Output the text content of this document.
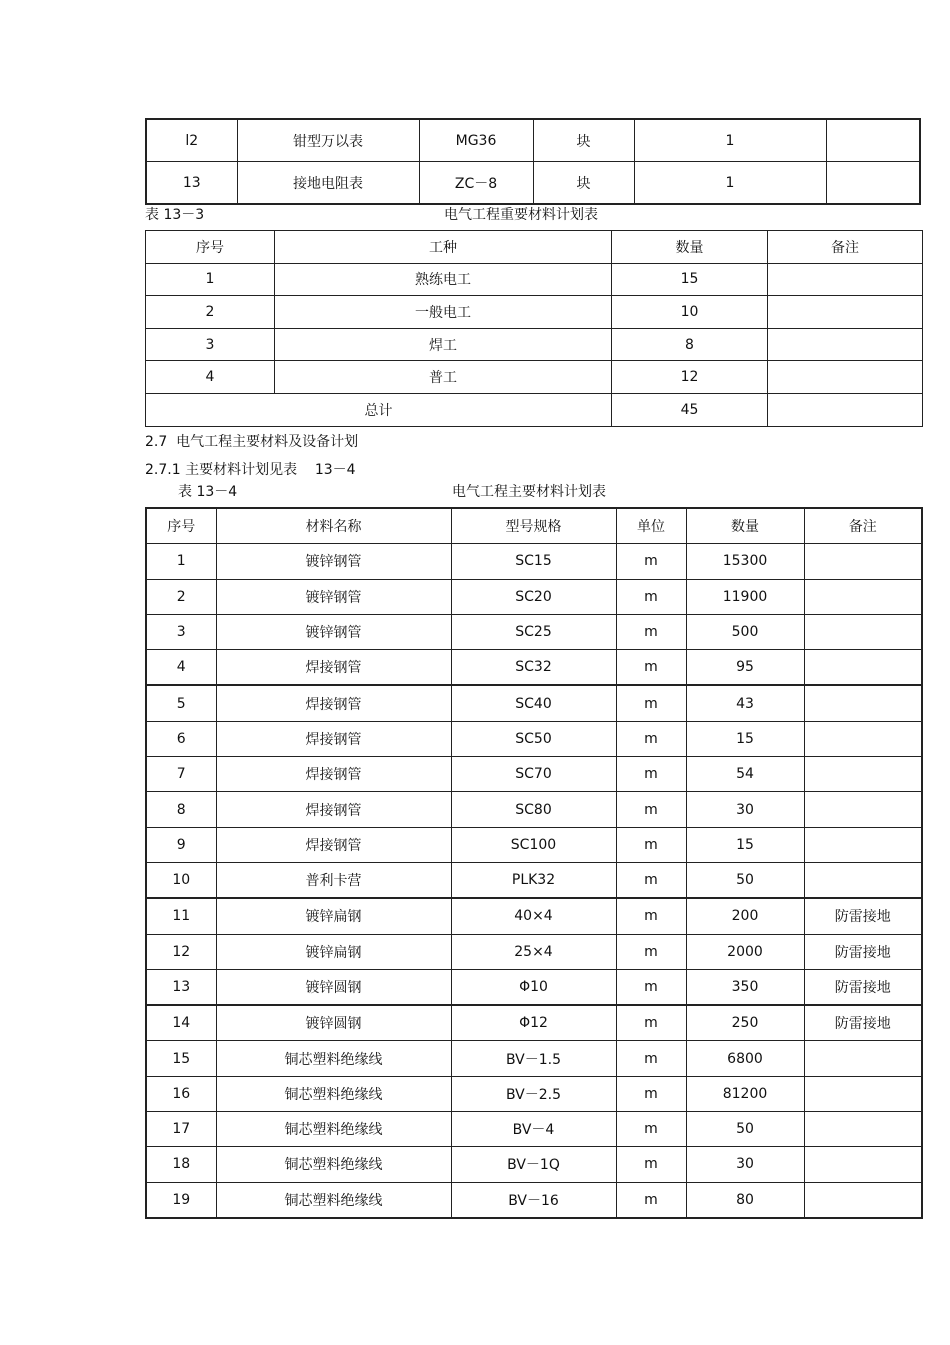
l2	钳型万以表	MG36	块	1	
13	接地电阻表	ZC－8	块	1	
表 13－3	电气工程重要材料计划表
序号	工种	数量	备注
1	熟练电工	15	
2	一般电工	10	
3	焊工	8	
4	普工	12	
总计		45	
2.7  电气工程主要材料及设备计划
2.7.1 主要材料计划见表    13－4
表 13－4	电气工程主要材料计划表
序号	材料名称	型号规格	单位	数量	备注
1	镀锌钢管	SC15	m	15300	
2	镀锌钢管	SC20	m	11900	
3	镀锌钢管	SC25	m	500	
4	焊接钢管	SC32	m	95	
5	焊接钢管	SC40	m	43	
6	焊接钢管	SC50	m	15	
7	焊接钢管	SC70	m	54	
8	焊接钢管	SC80	m	30	
9	焊接钢管	SC100	m	15	
10	普利卡营	PLK32	m	50	
11	镀锌扁钢	40×4	m	200	防雷接地
12	镀锌扁钢	25×4	m	2000	防雷接地
13	镀锌圆钢	Φ10	m	350	防雷接地
14	镀锌圆钢	Φ12	m	250	防雷接地
15	铜芯塑料绝缘线	BV－1.5	m	6800	
16	铜芯塑料绝缘线	BV－2.5	m	81200	
17	铜芯塑料绝缘线	BV－4	m	50	
18	铜芯塑料绝缘线	BV－1Q	m	30	
19	铜芯塑料绝缘线	BV－16	m	80	
